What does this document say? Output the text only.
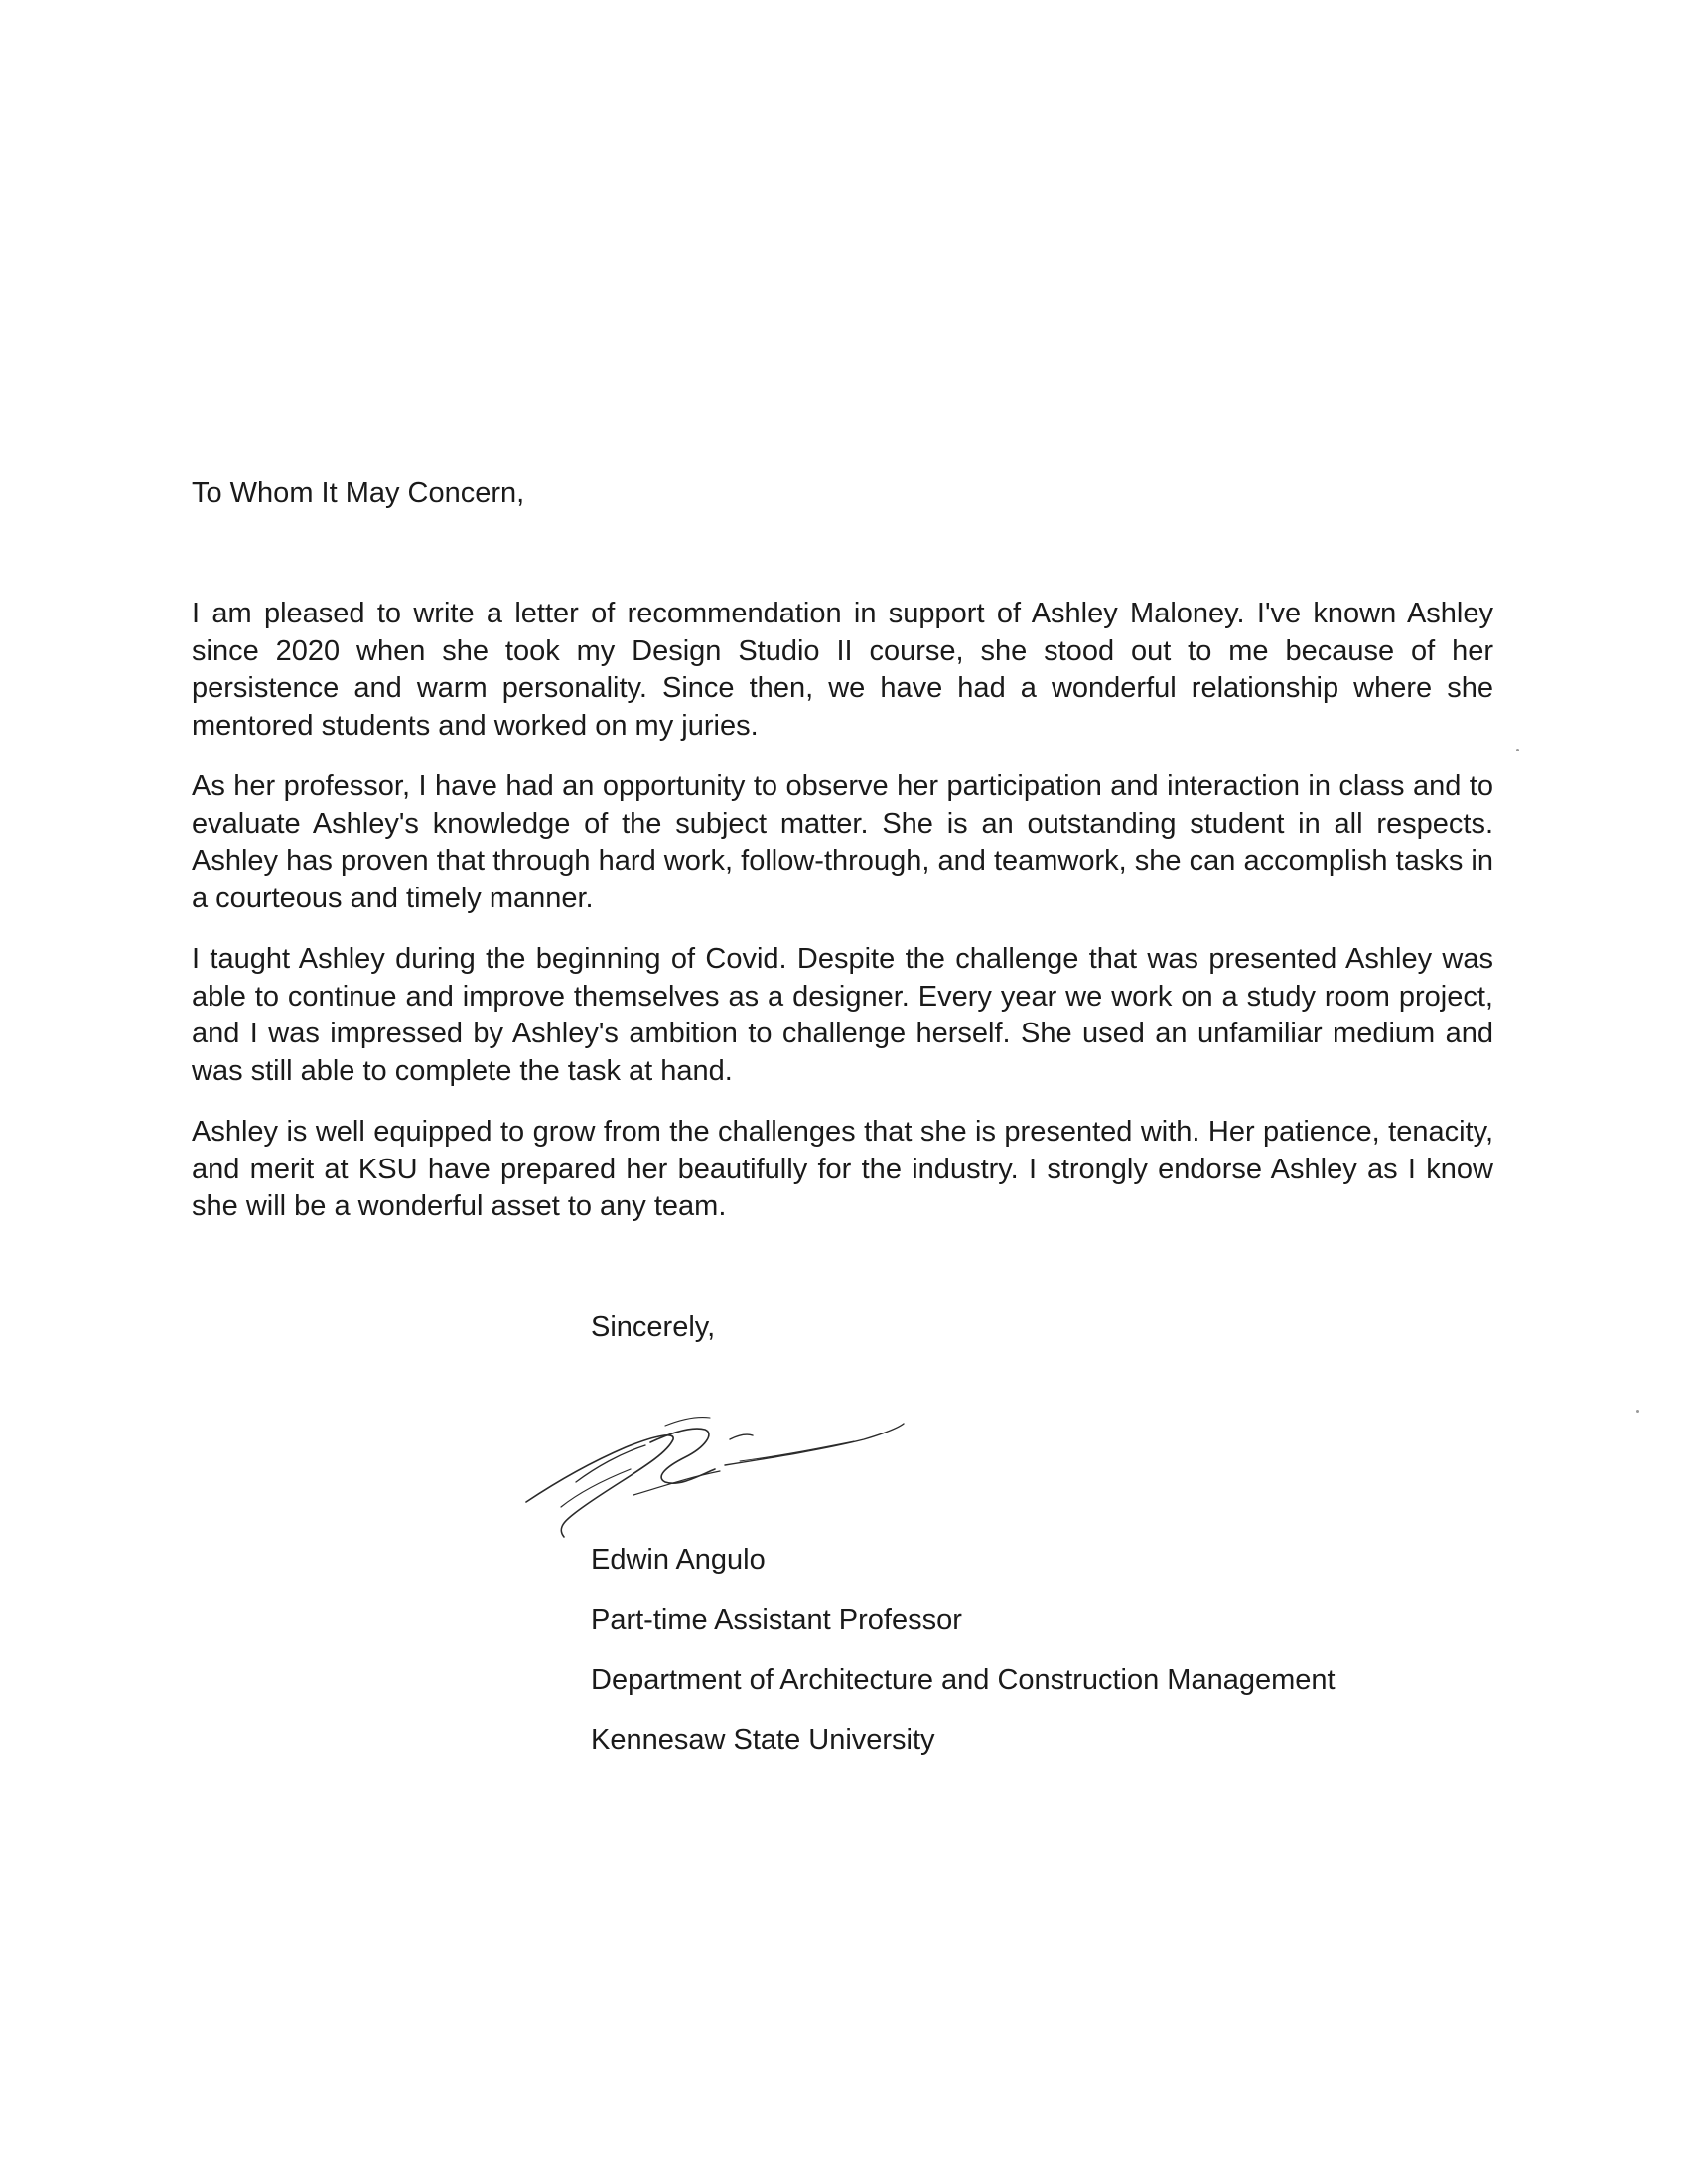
To Whom It May Concern,

I am pleased to write a letter of recommendation in support of Ashley Maloney. I've known Ashley since 2020 when she took my Design Studio II course, she stood out to me because of her persistence and warm personality. Since then, we have had a wonderful relationship where she mentored students and worked on my juries.

As her professor, I have had an opportunity to observe her participation and interaction in class and to evaluate Ashley's knowledge of the subject matter. She is an outstanding student in all respects. Ashley has proven that through hard work, follow-through, and teamwork, she can accomplish tasks in a courteous and timely manner.

I taught Ashley during the beginning of Covid. Despite the challenge that was presented Ashley was able to continue and improve themselves as a designer. Every year we work on a study room project, and I was impressed by Ashley's ambition to challenge herself. She used an unfamiliar medium and was still able to complete the task at hand.

Ashley is well equipped to grow from the challenges that she is presented with. Her patience, tenacity, and merit at KSU have prepared her beautifully for the industry. I strongly endorse Ashley as I know she will be a wonderful asset to any team.

Sincerely,
Edwin Angulo
Part-time Assistant Professor
Department of Architecture and Construction Management
Kennesaw State University
